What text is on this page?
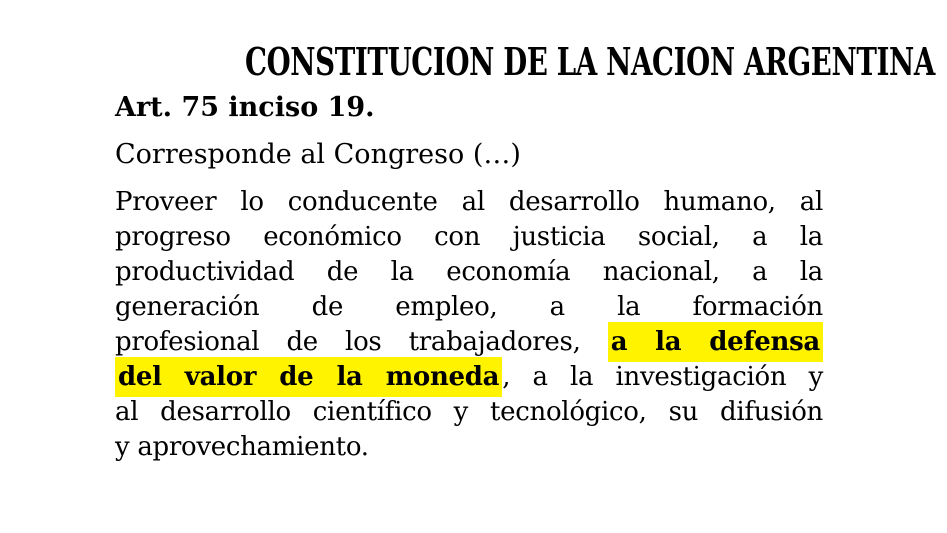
CONSTITUCION DE LA NACION ARGENTINA

Art. 75 inciso 19.

Corresponde al Congreso (…)

Proveer lo conducente al desarrollo humano, al
progreso económico con justicia social, a la
productividad de la economía nacional, a la
generación de empleo, a la formación
profesional de los trabajadores, a la defensa
del valor de la moneda , a la investigación y
al desarrollo científico y tecnológico, su difusión
y aprovechamiento.
